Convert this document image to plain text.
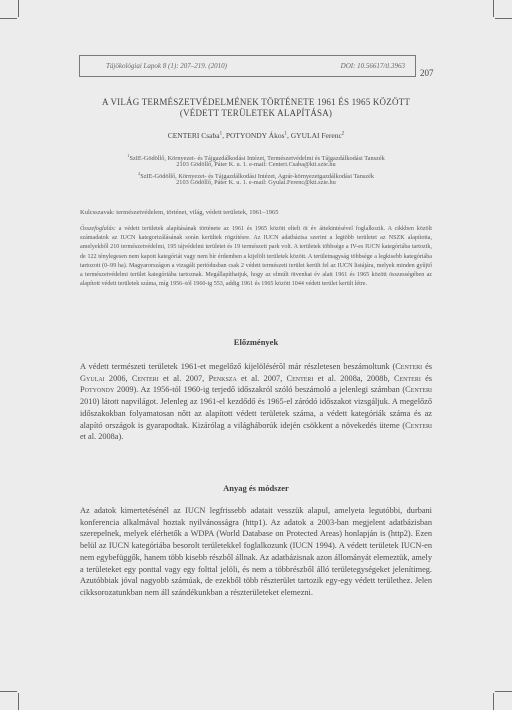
Tájökológiai Lapok 8 (1): 207–219. (2010)	DOI: 10.56617/tl.3963
207
A VILÁG TERMÉSZETVÉDELMÉNEK TÖRTÉNETE 1961 ÉS 1965 KÖZÖTT
(VÉDETT TERÜLETEK ALAPÍTÁSA)
CENTERI Csaba$^1$, POTYONDY Ákos$^1$, GYULAI Ferenc$^2$
$^1$SzIE-Gödöllő, Környezet- és Tájgazdálkodási Intézet, Természetvédelmi és Tájgazdálkodási Tanszék
2103 Gödöllő, Páter K. u. 1. e-mail: Centeri.Csaba@kti.szie.hu
$^2$SzIE-Gödöllő, Környezet- és Tájgazdálkodási Intézet, Agrár-környezetgazdálkodási Tanszék
2103 Gödöllő, Páter K. u. 1. e-mail: Gyulai.Ferenc@kti.szie.hu
Kulcsszavak: természetvédelem, történet, világ, védett területek, 1961–1965
Összefoglalás: a védett területek alapításának története az 1961 és 1965 között eltelt öt év áttekintésével foglalkozik. A cikkben közölt számadatok az IUCN kategorizálásának során kerültek rögzítésre. Az IUCN adatbázisa szerint a legtöbb területet az NSZK alapította, amelyekből 210 természetvédelmi, 195 tájvédelmi területet és 19 természeti park volt. A területek többsége a IV-es IUCN kategóriába tartozik, de 122 ténylegesen nem kapott kategóriát vagy nem bír érdemben a kijelölt területek között. A területnagyság többsége a legkisebb kategóriába tartozott (0–99 ha). Magyarországon a vizsgált periódusban csak 2 védett természeti terület került fel az IUCN listájára, melyek minden gyűjtő a természetvédelmi terület kategóriába tartoznak. Megállapíthatjuk, hogy az elmúlt ötvenhat év alatt 1961 és 1965 között összességében az alapított védett területek száma, míg 1956–tól 1960-ig 553, addig 1961 és 1965 között 1044 védett terület került létre.
Előzmények
A védett természeti területek 1961-et megelőző kijelölésérõl már részletesen beszámoltunk (Centeri és Gyulai 2006, Centeri et al. 2007, Penksza et al. 2007, Centeri et al. 2008a, 2008b, Centeri és Potyondy 2009). Az 1956-tól 1960-ig terjedő időszakról szóló beszámoló a jelenlegi számban (Centeri 2010) látott napvilágot. Jelenleg az 1961-el kezdődő és 1965-el záródó időszakot vizsgáljuk. A megelőző időszakokban folyamatosan nőtt az alapított védett területek száma, a védett kategóriák száma és az alapító országok is gyarapodtak. Kizárólag a világháborúk idején csökkent a növekedés üteme (Centeri et al. 2008a).
Anyag és módszer
Az adatok kimertetésénél az IUCN legfrissebb adatait vesszük alapul, amelyeta legutóbbi, durbani konferencia alkalmával hoztak nyilvánosságra (http1). Az adatok a 2003-ban megjelent adatbázisban szerepelnek, melyek elérhetők a WDPA (World Database on Protected Areas) honlapján is (http2). Ezen belül az IUCN kategóriába besorolt területekkel foglalkozunk (IUCN 1994). A védett területek IUCN-en nem egybefüggők, hanem több kisebb részből állnak. Az adatbázisnak azon állományát elemeztük, amely a területeket egy ponttal vagy egy folttal jelöli, és nem a többrészből álló területegységeket jelenítimeg. Azutóbbiak jóval nagyobb számúak, de ezekből több részterület tartozik egy-egy védett területhez. Jelen cikksorozatunkban nem áll szándékunkban a részterületeket elemezni.
